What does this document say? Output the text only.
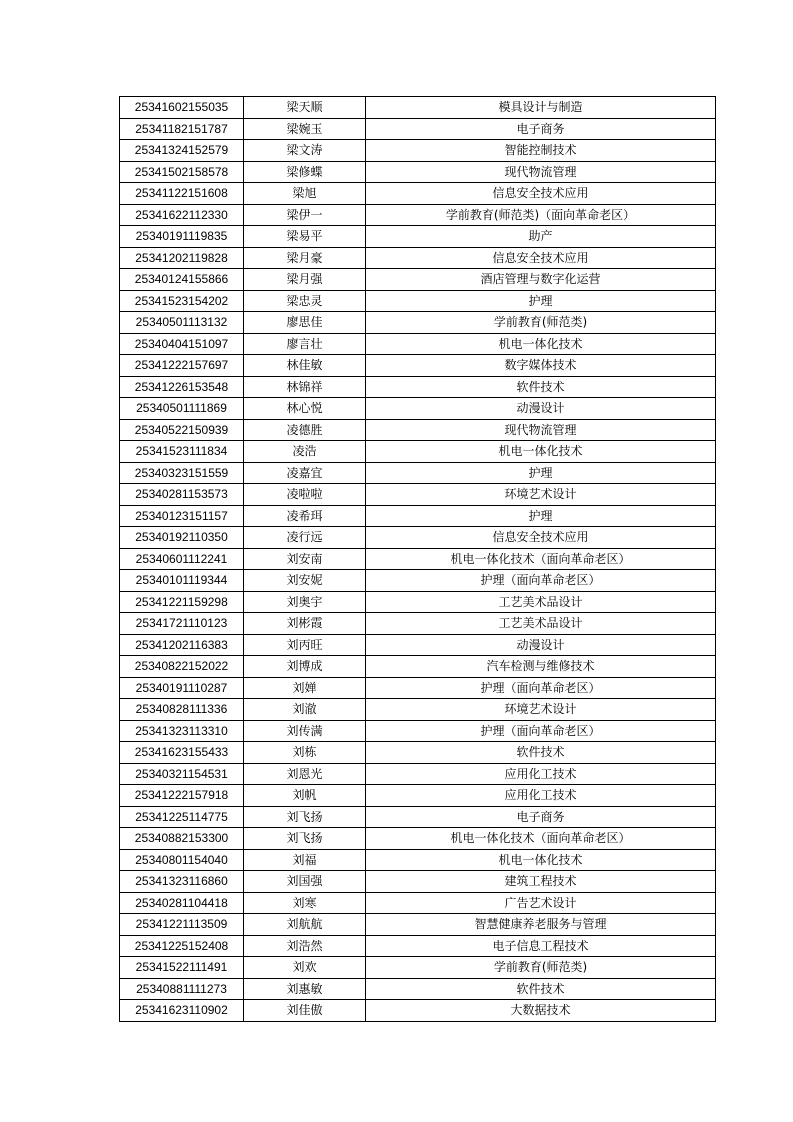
25341602155035	梁天顺	模具设计与制造
25341182151787	梁婉玉	电子商务
25341324152579	梁文涛	智能控制技术
25341502158578	梁修蝶	现代物流管理
25341122151608	梁旭	信息安全技术应用
25341622112330	梁伊一	学前教育(师范类)（面向革命老区）
25340191119835	梁易平	助产
25341202119828	梁月豪	信息安全技术应用
25340124155866	梁月强	酒店管理与数字化运营
25341523154202	梁忠灵	护理
25340501113132	廖思佳	学前教育(师范类)
25340404151097	廖言壮	机电一体化技术
25341222157697	林佳敏	数字媒体技术
25341226153548	林锦祥	软件技术
25340501111869	林心悦	动漫设计
25340522150939	凌德胜	现代物流管理
25341523111834	凌浩	机电一体化技术
25340323151559	凌嘉宜	护理
25340281153573	凌啦啦	环境艺术设计
25340123151157	凌希珥	护理
25340192110350	凌行远	信息安全技术应用
25340601112241	刘安南	机电一体化技术（面向革命老区）
25340101119344	刘安妮	护理（面向革命老区）
25341221159298	刘奥宇	工艺美术品设计
25341721110123	刘彬霞	工艺美术品设计
25341202116383	刘丙旺	动漫设计
25340822152022	刘博成	汽车检测与维修技术
25340191110287	刘婵	护理（面向革命老区）
25340828111336	刘澈	环境艺术设计
25341323113310	刘传满	护理（面向革命老区）
25341623155433	刘栋	软件技术
25340321154531	刘恩光	应用化工技术
25341222157918	刘帆	应用化工技术
25341225114775	刘飞扬	电子商务
25340882153300	刘飞扬	机电一体化技术（面向革命老区）
25340801154040	刘福	机电一体化技术
25341323116860	刘国强	建筑工程技术
25340281104418	刘寒	广告艺术设计
25341221113509	刘航航	智慧健康养老服务与管理
25341225152408	刘浩然	电子信息工程技术
25341522111491	刘欢	学前教育(师范类)
25340881111273	刘惠敏	软件技术
25341623110902	刘佳傲	大数据技术
